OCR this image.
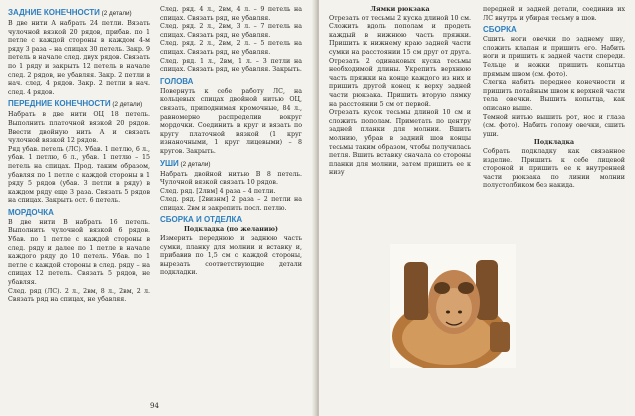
ЗАДНИЕ КОНЕЧНОСТИ (2 детали)

В две нити A набрать 24 петли. Вязать чулочной вязкой 20 рядов, прибав. по 1 петле с каждой стороны в каждом 4-м ряду 3 раза – на спицах 30 петель. Закр. 9 петель в начале след. двух рядов. Связать по 1 ряду и закрыть 12 петель в начале след. 2 рядов, не убавляя. Закр. 2 петли в нач. след. 4 рядов. Закр. 2 петли в нач. след. 4 рядов.

ПЕРЕДНИЕ КОНЕЧНОСТИ (2 детали)

Набрать в две нити ОЦ 18 петель. Выполнить платочной вязкой 20 рядов. Ввести двойную нить A и связать чулочной вязкой 12 рядов.

Ряд убав. петель (ЛС). Убав. 1 петлю, 6 л., убав. 1 петлю, 6 л., убав. 1 петлю – 15 петель на спицах. Прод. таким образом, убавляя по 1 петле с каждой стороны в 1 ряду 5 рядов (убав. 3 петли в ряду) в каждом ряду еще 3 раза. Связать 5 рядов на спицах. Закрыть ост. 6 петель.

МОРДОЧКА

В две нити B набрать 16 петель. Выполнить чулочной вязкой 6 рядов. Убав. по 1 петле с каждой стороны в след. ряду и далее по 1 петле в начале каждого ряду до 10 петель. Убав. по 1 петле с каждой стороны в след. ряду – на спицах 12 петель. Связать 5 рядов, не убавляя.

След. ряд (ЛС). 2 л., 2вм, 8 л., 2вм, 2 л. Связать ряд на спицах, не убавляя.

След. ряд. 4 л., 2вм, 4 л. – 9 петель на спицах. Связать ряд, не убавляя.

След. ряд. 2 л., 2вм, 3 л. – 7 петель на спицах. Связать ряд, не убавляя.

След. ряд. 2 л., 2вм, 2 л. – 5 петель на спицах. Связать ряд, не убавляя.

След. ряд. 1 л., 2вм, 1 л. – 3 петли на спицах. Связать ряд, не убавляя. Закрыть.

ГОЛОВА

Повернуть к себе работу ЛС, на кольцевых спицах двойной нитью ОЦ, связать, приподнимая кромочные, 84 л., равномерно распределив вокруг мордочки. Соединить в круг и вязать по кругу платочной вязкой (1 круг изнаночными, 1 круг лицевыми) – 8 кругов. Закрыть.

УШИ (2 детали)

Набрать двойной нитью B 8 петель. Чулочной вязкой связать 10 рядов.

След. ряд. [2лвм] 4 раза – 4 петли.

След. ряд. [2визнм] 2 раза – 2 петли на спицах. 2вм и закрепить посл. петлю.

СБОРКА И ОТДЕЛКА

Подкладка (по желанию)

Измерить переднюю и заднюю часть сумки, планку для молнии и вставку и, прибавив по 1,5 см с каждой стороны, вырезать соответствующие детали подкладки.

94

Лямки рюкзака

Отрезать от тесьмы 2 куска длиной 10 см. Сложить вдоль пополам и продеть каждый в нижнюю часть пряжки. Пришить к нижнему краю задней части сумки на расстоянии 15 см друг от друга. Отрезать 2 одинаковых куска тесьмы необходимой длины. Укрепить верхнюю часть пряжки на конце каждого из них и пришить другой конец к верху задней части рюкзака. Пришить вторую лямку на расстоянии 5 см от первой.

Отрезать кусок тесьмы длиной 10 см и сложить пополам. Приметать по центру задней планки для молнии. Вшить молнию, убрав в задний шов концы тесьмы таким образом, чтобы получилась петля. Вшить вставку сначала со стороны планки для молнии, затем пришить ее к низу

передней и задней детали, соединив их ЛС внутрь и убирая тесьму в шов.

СБОРКА

Сшить ноги овечки по заднему шву, сложить клапан и пришить его. Набить ноги и пришить к задней части спереди. Тельце и ножки пришить копытца прямым швом (см. фото).

Слегка набить переднее конечности и пришить потайным швом к верхней части тела овечки. Вышить копытца, как описано выше.

Темной нитью вышить рот, нос и глаза (см. фото). Набить голову овечки, сшить уши.

Подкладка

Собрать подкладку как связанное изделие. Пришить к себе лицевой стороной и пришить ее к внутренней части рюкзака по линии молнии полустолбиком без накида.
